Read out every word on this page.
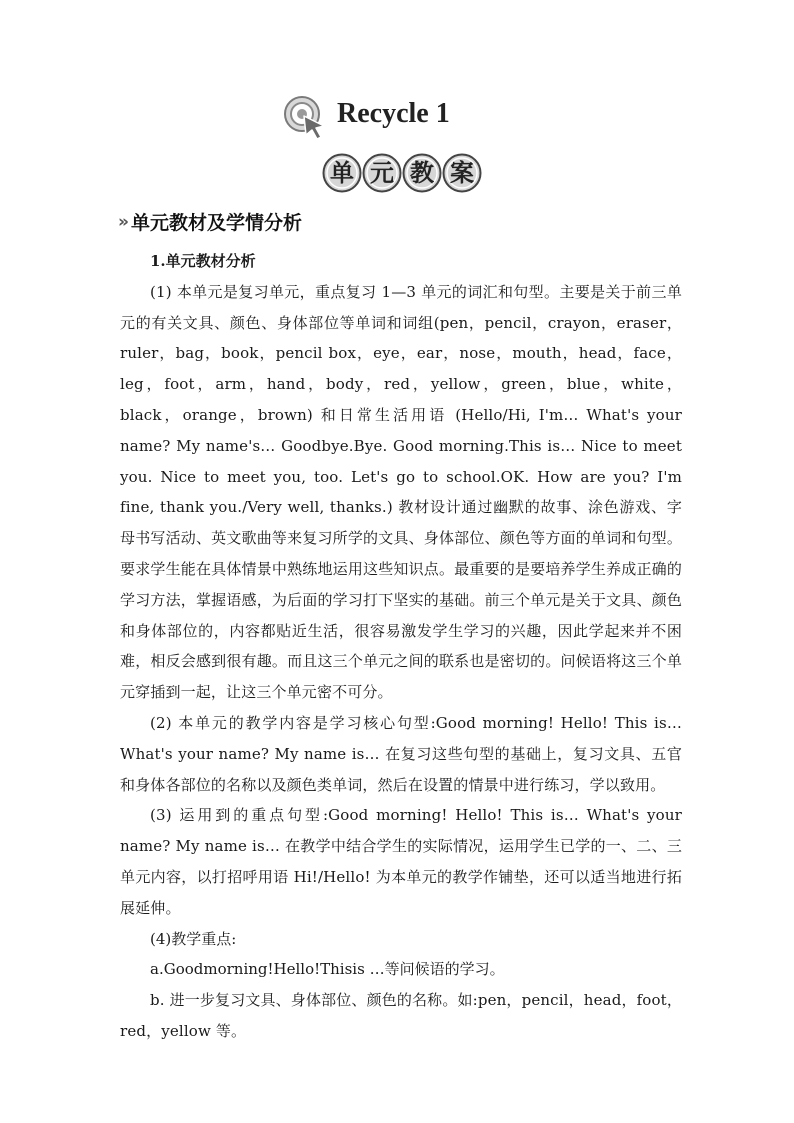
Recycle 1
单 元 教 案
» 单元教材及学情分析
1.单元教材分析

(1) 本单元是复习单元，重点复习 1—3 单元的词汇和句型。主要是关于前三单元的有关文具、颜色、身体部位等单词和词组(pen，pencil，crayon，eraser，ruler，bag，book，pencil box，eye，ear，nose，mouth，head，face，leg，foot，arm，hand，body，red，yellow，green，blue，white，black，orange，brown) 和日常生活用语 (Hello/Hi, I'm… What's your name? My name's… Goodbye.Bye. Good morning.This is… Nice to meet you. Nice to meet you, too. Let's go to school.OK. How are you? I'm fine, thank you./Very well, thanks.) 教材设计通过幽默的故事、涂色游戏、字母书写活动、英文歌曲等来复习所学的文具、身体部位、颜色等方面的单词和句型。要求学生能在具体情景中熟练地运用这些知识点。最重要的是要培养学生养成正确的学习方法，掌握语感，为后面的学习打下坚实的基础。前三个单元是关于文具、颜色和身体部位的，内容都贴近生活，很容易激发学生学习的兴趣，因此学起来并不困难，相反会感到很有趣。而且这三个单元之间的联系也是密切的。问候语将这三个单元穿插到一起，让这三个单元密不可分。

(2) 本单元的教学内容是学习核心句型:Good morning! Hello! This is… What's your name? My name is… 在复习这些句型的基础上，复习文具、五官和身体各部位的名称以及颜色类单词，然后在设置的情景中进行练习，学以致用。

(3) 运用到的重点句型:Good morning! Hello! This is… What's your name? My name is… 在教学中结合学生的实际情况，运用学生已学的一、二、三单元内容，以打招呼用语 Hi!/Hello! 为本单元的教学作铺垫，还可以适当地进行拓展延伸。

(4)教学重点:
a.Goodmorning!Hello!Thisis …等问候语的学习。

b. 进一步复习文具、身体部位、颜色的名称。如:pen，pencil，head，foot，red，yellow 等。
